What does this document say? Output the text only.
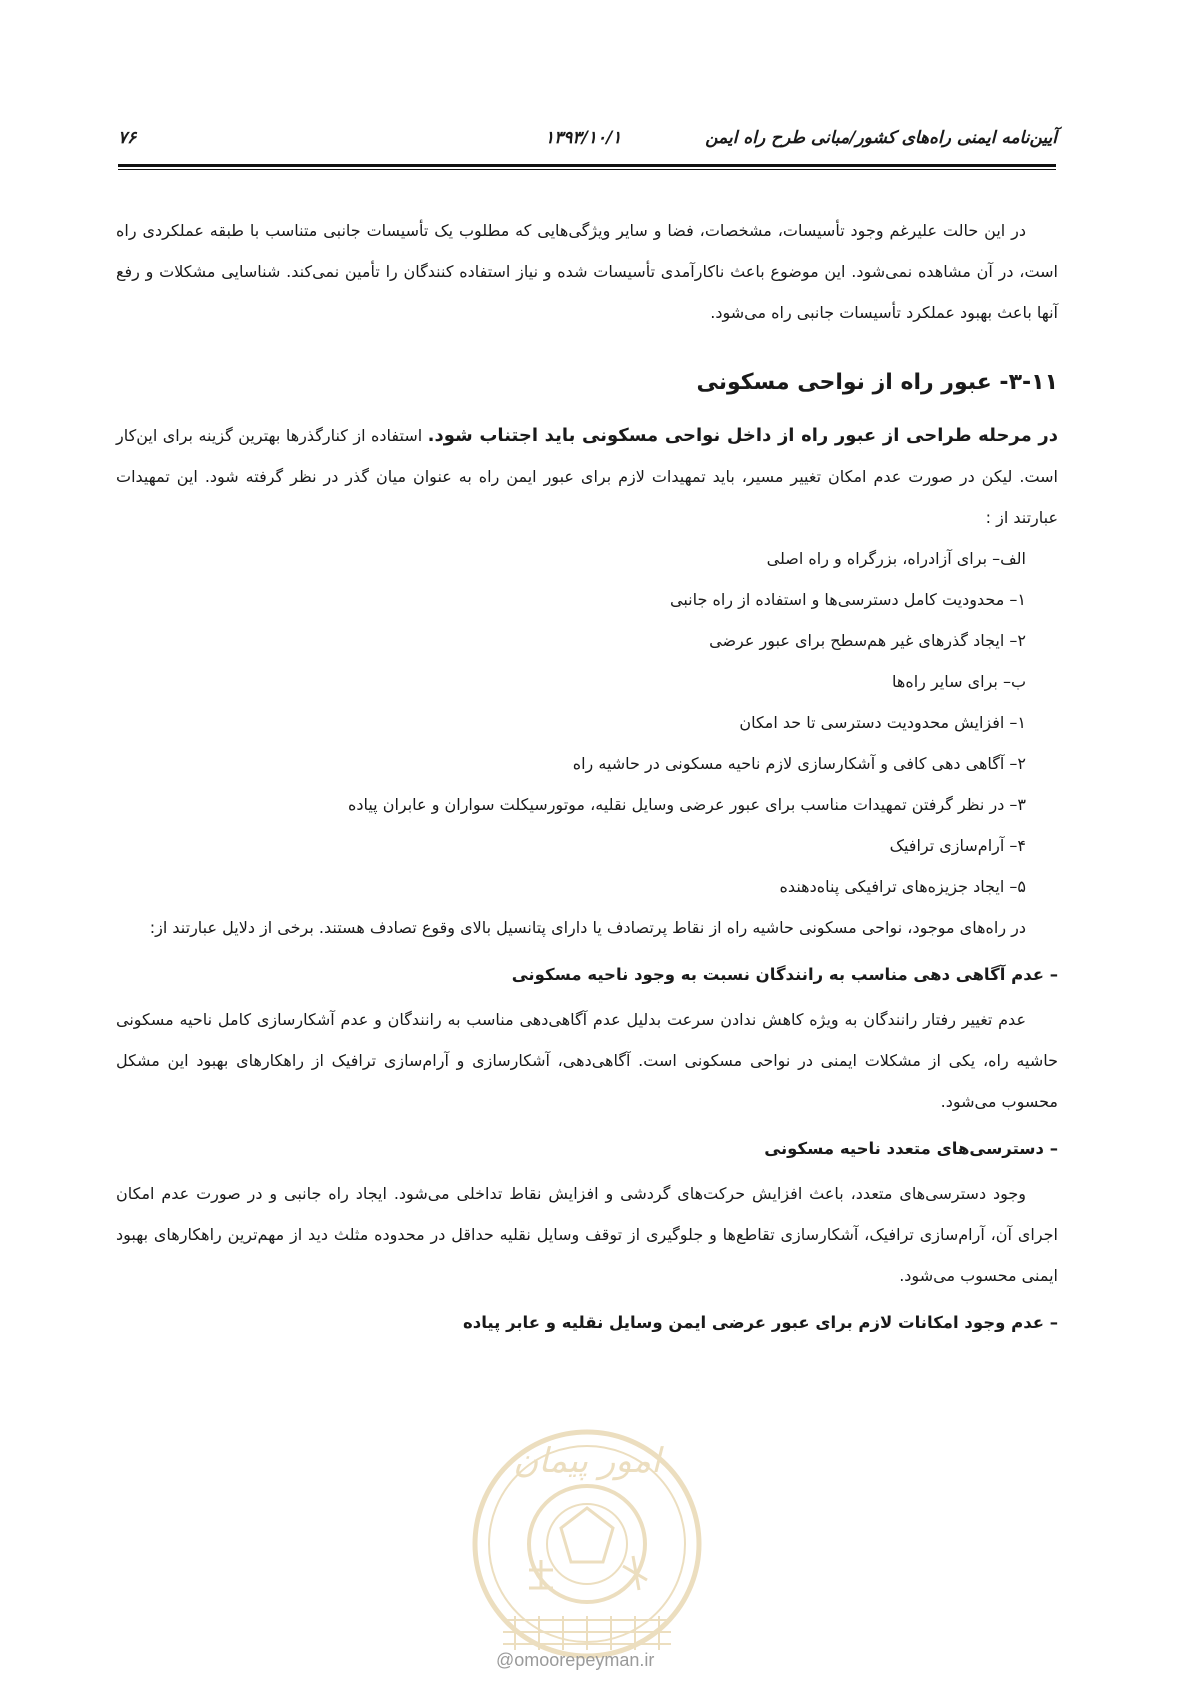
آیین‌نامه ایمنی راه‌های کشور/مبانی طرح راه ایمن
۱۳۹۳/۱۰/۱
۷۶

در این حالت علیرغم وجود تأسیسات، مشخصات، فضا و سایر ویژگی‌هایی که مطلوب یک تأسیسات جانبی متناسب با طبقه عملکردی راه است، در آن مشاهده نمی‌شود. این موضوع باعث ناکارآمدی تأسیسات شده و نیاز استفاده کنندگان را تأمین نمی‌کند. شناسایی مشکلات و رفع آنها باعث بهبود عملکرد تأسیسات جانبی راه می‌شود.

۳-۱۱- عبور راه از نواحی مسکونی

در مرحله طراحی از عبور راه از داخل نواحی مسکونی باید اجتناب شود. استفاده از کنارگذرها بهترین گزینه برای این‌کار است. لیکن در صورت عدم امکان تغییر مسیر، باید تمهیدات لازم برای عبور ایمن راه به عنوان میان گذر در نظر گرفته شود. این تمهیدات عبارتند از :

الف– برای آزادراه، بزرگراه و راه اصلی
۱– محدودیت کامل دسترسی‌ها و استفاده از راه جانبی
۲– ایجاد گذرهای غیر هم‌سطح برای عبور عرضی
ب– برای سایر راه‌ها
۱– افزایش محدودیت دسترسی تا حد امکان
۲– آگاهی دهی کافی و آشکارسازی لازم ناحیه مسکونی در حاشیه راه
۳– در نظر گرفتن تمهیدات مناسب برای عبور عرضی وسایل نقلیه، موتورسیکلت سواران و عابران پیاده
۴– آرام‌سازی ترافیک
۵– ایجاد جزیزه‌های ترافیکی پناه‌دهنده

در راه‌های موجود، نواحی مسکونی حاشیه راه از نقاط پرتصادف یا دارای پتانسیل بالای وقوع تصادف هستند. برخی از دلایل عبارتند از:

– عدم آگاهی دهی مناسب به رانندگان نسبت به وجود ناحیه مسکونی

عدم تغییر رفتار رانندگان به ویژه کاهش ندادن سرعت بدلیل عدم آگاهی‌دهی مناسب به رانندگان و عدم آشکارسازی کامل ناحیه مسکونی حاشیه راه، یکی از مشکلات ایمنی در نواحی مسکونی است. آگاهی‌دهی، آشکارسازی و آرام‌سازی ترافیک از راهکارهای بهبود این مشکل محسوب می‌شود.

– دسترسی‌های متعدد ناحیه مسکونی

وجود دسترسی‌های متعدد، باعث افزایش حرکت‌های گردشی و افزایش نقاط تداخلی می‌شود. ایجاد راه جانبی و در صورت عدم امکان اجرای آن، آرام‌سازی ترافیک، آشکارسازی تقاطع‌ها و جلوگیری از توقف وسایل نقلیه حداقل در محدوده مثلث دید از مهم‌ترین راهکارهای بهبود ایمنی محسوب می‌شود.

– عدم وجود امکانات لازم برای عبور عرضی ایمن وسایل نقلیه و عابر پیاده
امور پیمان
@omoorepeyman.ir
